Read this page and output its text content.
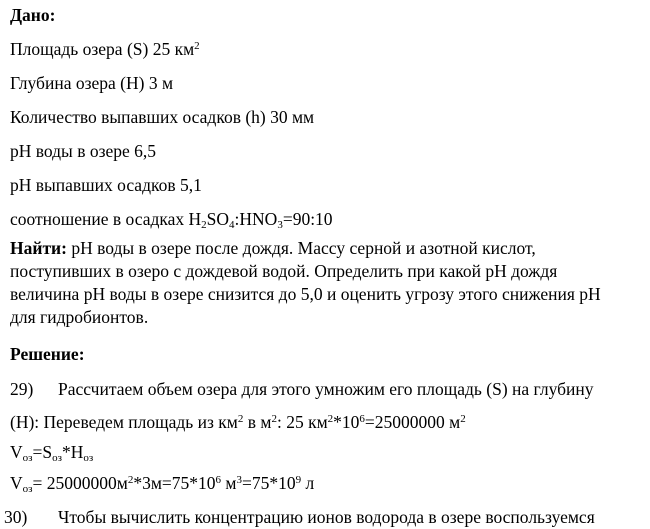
Дано:
Площадь озера (S) 25 $км^2$
Глубина озера (H) 3 м
Количество выпавших осадков (h) 30 мм
pH воды в озере 6,5
pH выпавших осадков 5,1
соотношение в осадках $H_2SO_4:HNO_3=90:10$
Найти: pH воды в озере после дождя. Массу серной и азотной кислот, поступивших в озеро с дождевой водой. Определить при какой pH дождя величина pH воды в озере снизится до 5,0 и оценить угрозу этого снижения pH для гидробионтов.
Решение:
29) Рассчитаем объем озера для этого умножим его площадь (S) на глубину
(H): Переведем площадь из $км^2$ в $м^2$: 25 $км^2*10^6=25000000$ $м^2$
$V_{оз}=S_{оз}*H_{оз}$
$V_{оз}= 25000000м^2*3м=75*10^6$ $м^3=75*10^9$ л
30) Чтобы вычислить концентрацию ионов водорода в озере воспользуемся
